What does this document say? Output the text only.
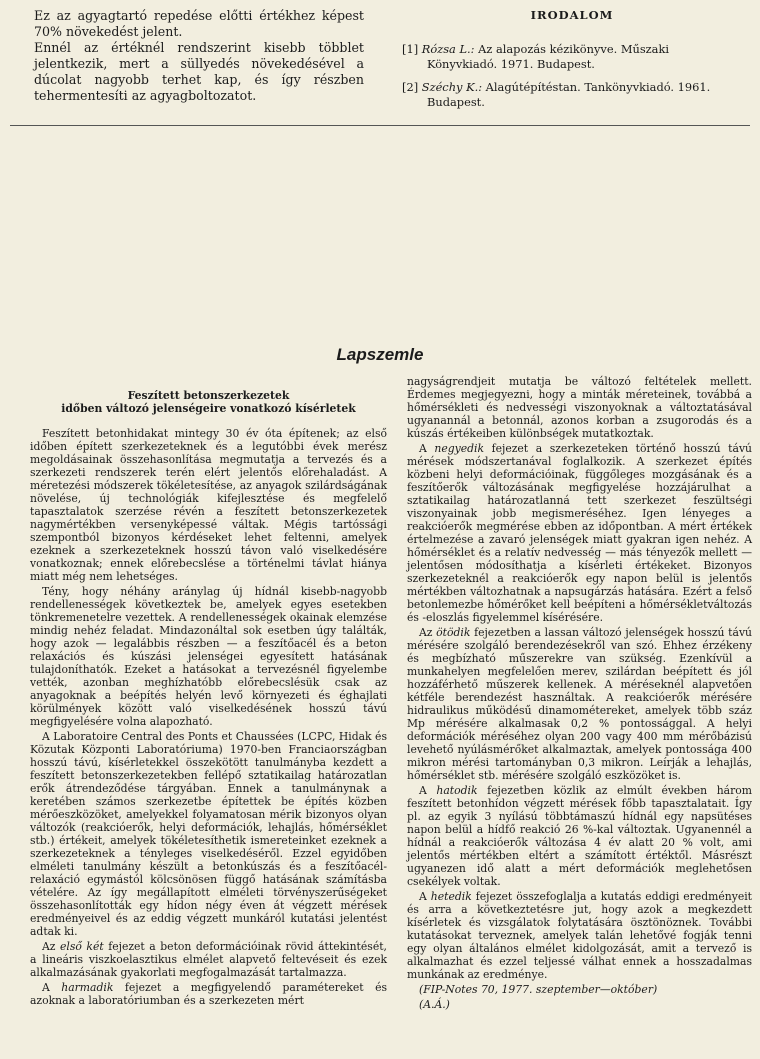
Ez az agyagtartó repedése előtti értékhez képest 70% növekedést jelent.

Ennél az értéknél rendszerint kisebb többlet jelentkezik, mert a süllyedés növekedésével a dúcolat nagyobb terhet kap, és így részben tehermentesíti az agyagboltozatot.

IRODALOM

[1] Rózsa L.: Az alapozás kézikönyve. Műszaki Könyvkiadó. 1971. Budapest.

[2] Széchy K.: Alagútépítéstan. Tankönyvkiadó. 1961. Budapest.

Lapszemle
Feszített betonszerkezetek
időben változó jelenségeire vonatkozó kísérletek

Feszített betonhidakat mintegy 30 év óta építenek; az első időben épített szerkezeteknek és a legutóbbi évek merész megoldásainak összehasonlítása megmutatja a tervezés és a szerkezeti rendszerek terén elért jelentős előrehaladást. A méretezési módszerek tökéletesítése, az anyagok szilárdságának növelése, új technológiák kifejlesztése és megfelelő tapasztalatok szerzése révén a feszített betonszerkezetek nagymértékben versenyképessé váltak. Mégis tartóssági szempontból bizonyos kérdéseket lehet feltenni, amelyek ezeknek a szerkezeteknek hosszú távon való viselkedésére vonatkoznak; ennek előrebecslése a történelmi távlat hiánya miatt még nem lehetséges.

Tény, hogy néhány aránylag új hídnál kisebb-nagyobb rendellenességek következtek be, amelyek egyes esetekben tönkremenetelre vezettek. A rendellenességek okainak elemzése mindig nehéz feladat. Mindazonáltal sok esetben úgy találták, hogy azok — legalábbis részben — a feszítőacél és a beton relaxációs és kúszási jelenségei egyesített hatásának tulajdoníthatók. Ezeket a hatásokat a tervezésnél figyelembe vették, azonban meghízhatóbb előrebecslésük csak az anyagoknak a beépítés helyén levő környezeti és éghajlati körülmények között való viselkedésének hosszú távú megfigyelésére volna alapozható.

A Laboratoire Central des Ponts et Chaussées (LCPC, Hidak és Közutak Központi Laboratóriuma) 1970-ben Franciaországban hosszú távú, kísérletekkel összekötött tanulmányba kezdett a feszített betonszerkezetekben fellépő sztatikailag határozatlan erők átrendeződése tárgyában. Ennek a tanulmánynak a keretében számos szerkezetbe építettek be építés közben mérőeszközöket, amelyekkel folyamatosan mérik bizonyos olyan változók (reakcióerők, helyi deformációk, lehajlás, hőmérséklet stb.) értékeit, amelyek tökéletesíthetik ismereteinket ezeknek a szerkezeteknek a tényleges viselkedéséről. Ezzel egyidőben elméleti tanulmány készült a betonkúszás és a feszítőacél-relaxáció egymástól kölcsönösen függő hatásának számításba vételére. Az így megállapított elméleti törvényszerűségeket összehasonlították egy hídon négy éven át végzett mérések eredményeivel és az eddig végzett munkáról kutatási jelentést adtak ki.

Az első két fejezet a beton deformációinak rövid áttekintését, a lineáris viszkoelasztikus elmélet alapvető feltevéseit és ezek alkalmazásának gyakorlati megfogalmazását tartalmazza.

A harmadik fejezet a megfigyelendő paramétereket és azoknak a laboratóriumban és a szerkezeten mért

nagyságrendjeit mutatja be változó feltételek mellett. Érdemes megjegyezni, hogy a minták méreteinek, továbbá a hőmérsékleti és nedvességi viszonyoknak a változtatásával ugyanannál a betonnál, azonos korban a zsugorodás és a kúszás értékeiben különbségek mutatkoztak.

A negyedik fejezet a szerkezeteken történő hosszú távú mérések módszertanával foglalkozik. A szerkezet építés közbeni helyi deformációinak, függőleges mozgásának és a feszítőerők változásának megfigyelése hozzájárulhat a sztatikailag határozatlanná tett szerkezet feszültségi viszonyainak jobb megismeréséhez. Igen lényeges a reakcióerők megmérése ebben az időpontban. A mért értékek értelmezése a zavaró jelenségek miatt gyakran igen nehéz. A hőmérséklet és a relatív nedvesség — más tényezők mellett — jelentősen módosíthatja a kísérleti értékeket. Bizonyos szerkezeteknél a reakcióerők egy napon belül is jelentős mértékben változhatnak a napsugárzás hatására. Ezért a felső betonlemezbe hőmérőket kell beépíteni a hőmérsékletváltozás és -eloszlás figyelemmel kísérésére.

Az ötödik fejezetben a lassan változó jelenségek hosszú távú mérésére szolgáló berendezésekről van szó. Ehhez érzékeny és megbízható műszerekre van szükség. Ezenkívül a munkahelyen megfelelően merev, szilárdan beépített és jól hozzáférhető műszerek kellenek. A méréseknél alapvetően kétféle berendezést használtak. A reakcióerők mérésére hidraulikus működésű dinamométereket, amelyek több száz Mp mérésére alkalmasak 0,2 % pontossággal. A helyi deformációk méréséhez olyan 200 vagy 400 mm mérőbázisú levehető nyúlásmérőket alkalmaztak, amelyek pontossága 400 mikron mérési tartományban 0,3 mikron. Leírják a lehajlás, hőmérséklet stb. mérésére szolgáló eszközöket is.

A hatodik fejezetben közlik az elmúlt években három feszített betonhídon végzett mérések főbb tapasztalatait. Így pl. az egyik 3 nyílású többtámaszú hídnál egy napsütéses napon belül a hídfő reakció 26 %-kal változtak. Ugyanennél a hídnál a reakcióerők változása 4 év alatt 20 % volt, ami jelentős mértékben eltért a számított értéktől. Másrészt ugyanezen idő alatt a mért deformációk meglehetősen csekélyek voltak.

A hetedik fejezet összefoglalja a kutatás eddigi eredményeit és arra a következtetésre jut, hogy azok a megkezdett kísérletek és vizsgálatok folytatására ösztönöznek. További kutatásokat terveznek, amelyek talán lehetővé fogják tenni egy olyan általános elmélet kidolgozását, amit a tervező is alkalmazhat és ezzel teljessé válhat ennek a hosszadalmas munkának az eredménye.

(FIP-Notes 70, 1977. szeptember—október)

(A.Á.)
